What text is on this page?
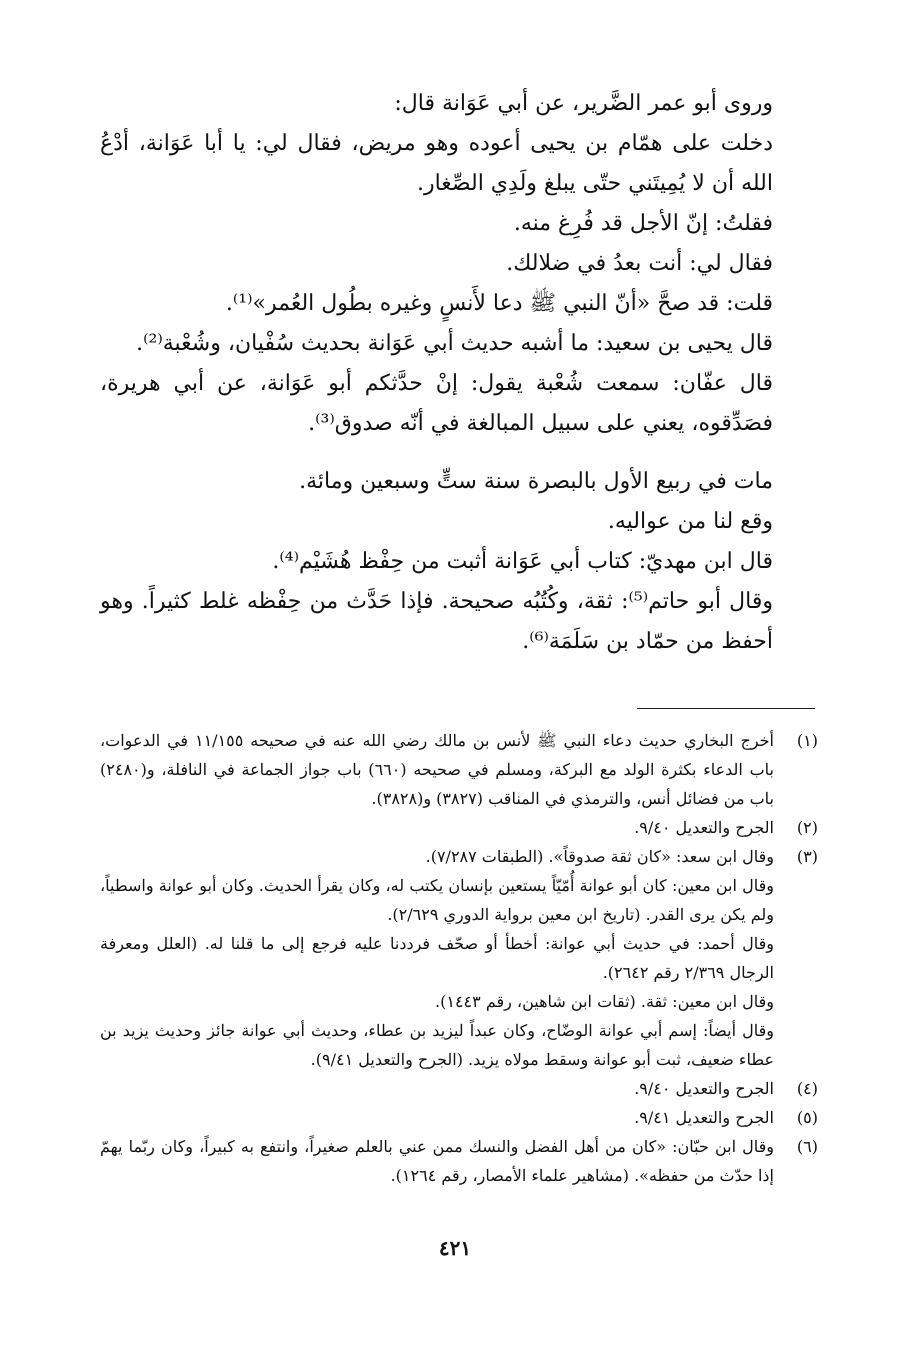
وروى أبو عمر الضَّرير، عن أبي عَوَانة قال:

دخلت على همّام بن يحيى أعوده وهو مريض، فقال لي: يا أبا عَوَانة، أدْعُ الله أن لا يُمِيتَني حتّى يبلغ ولَدِي الصِّغار.

فقلتُ: إنّ الأجل قد فُرِغ منه.

فقال لي: أنت بعدُ في ضلالك.

قلت: قد صحَّ «أنّ النبي ﷺ دعا لأَنسٍ وغيره بطُول العُمر»⁽¹⁾.

قال يحيى بن سعيد: ما أشبه حديث أبي عَوَانة بحديث سُفْيان، وشُعْبة⁽²⁾.

قال عفّان: سمعت شُعْبة يقول: إنْ حدَّثكم أبو عَوَانة، عن أبي هريرة، فصَدِّقوه، يعني على سبيل المبالغة في أنّه صدوق⁽³⁾.

مات في ربيع الأول بالبصرة سنة ستٍّ وسبعين ومائة.

وقع لنا من عواليه.

قال ابن مهديّ: كتاب أبي عَوَانة أثبت من حِفْظ هُشَيْم⁽⁴⁾.

وقال أبو حاتم⁽⁵⁾: ثقة، وكُتُبُه صحيحة. فإذا حَدَّث من حِفْظه غلط كثيراً. وهو أحفظ من حمّاد بن سَلَمَة⁽⁶⁾.

(١)
أخرج البخاري حديث دعاء النبي ﷺ لأنس بن مالك رضي الله عنه في صحيحه ١١/١٥٥ في الدعوات، باب الدعاء بكثرة الولد مع البركة، ومسلم في صحيحه (٦٦٠) باب جواز الجماعة في النافلة، و(٢٤٨٠) باب من فضائل أنس، والترمذي في المناقب (٣٨٢٧) و(٣٨٢٨).
(٢)
الجرح والتعديل ٩/٤٠.
(٣)
وقال ابن سعد: «كان ثقة صدوقاً». (الطبقات ٧/٢٨٧).
وقال ابن معين: كان أبو عوانة أُمّيّاً يستعين بإنسان يكتب له، وكان يقرأ الحديث. وكان أبو عوانة واسطياً، ولم يكن يرى القدر. (تاريخ ابن معين برواية الدوري ٢/٦٢٩).
وقال أحمد: في حديث أبي عوانة: أخطأ أو صحّف فرددنا عليه فرجع إلى ما قلنا له. (العلل ومعرفة الرجال ٢/٣٦٩ رقم ٢٦٤٢).
وقال ابن معين: ثقة. (ثقات ابن شاهين، رقم ١٤٤٣).
وقال أيضاً: إسم أبي عوانة الوضّاح، وكان عبداً ليزيد بن عطاء، وحديث أبي عوانة جائز وحديث يزيد بن عطاء ضعيف، ثبت أبو عوانة وسقط مولاه يزيد. (الجرح والتعديل ٩/٤١).
(٤)
الجرح والتعديل ٩/٤٠.
(٥)
الجرح والتعديل ٩/٤١.
(٦)
وقال ابن حبّان: «كان من أهل الفضل والنسك ممن عني بالعلم صغيراً، وانتفع به كبيراً، وكان ربّما يهمّ إذا حدّث من حفظه». (مشاهير علماء الأمصار، رقم ١٢٦٤).
٤٢١
